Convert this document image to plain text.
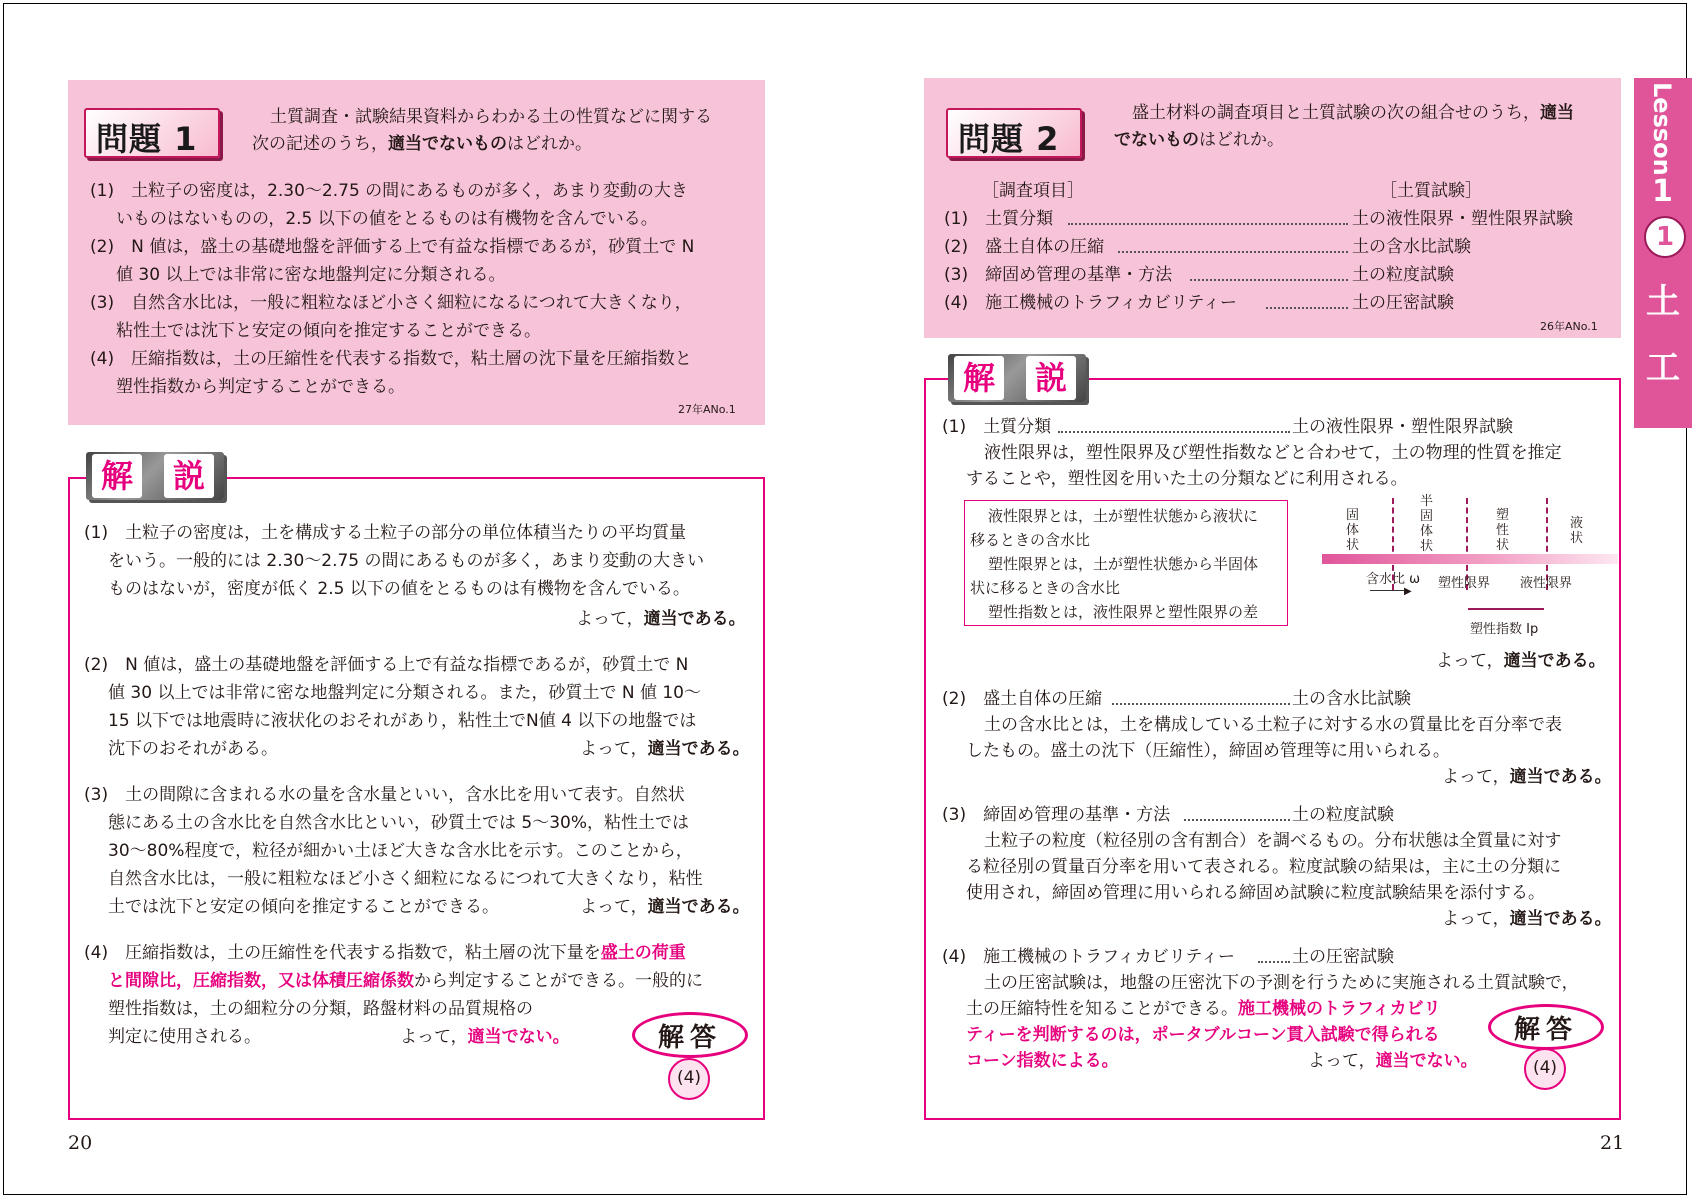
問題 1
土質調査・試験結果資料からわかる土の性質などに関する
次の記述のうち，適当でないものはどれか。
(1)　土粒子の密度は，2.30〜2.75 の間にあるものが多く，あまり変動の大き
いものはないものの，2.5 以下の値をとるものは有機物を含んでいる。
(2)　N 値は，盛土の基礎地盤を評価する上で有益な指標であるが，砂質土で N
値 30 以上では非常に密な地盤判定に分類される。
(3)　自然含水比は，一般に粗粒なほど小さく細粒になるにつれて大きくなり，
粘性土では沈下と安定の傾向を推定することができる。
(4)　圧縮指数は，土の圧縮性を代表する指数で，粘土層の沈下量を圧縮指数と
塑性指数から判定することができる。
27年ANo.1
解 説
(1)　土粒子の密度は，土を構成する土粒子の部分の単位体積当たりの平均質量
をいう。一般的には 2.30〜2.75 の間にあるものが多く，あまり変動の大きい
ものはないが，密度が低く 2.5 以下の値をとるものは有機物を含んでいる。
よって，適当である。
(2)　N 値は，盛土の基礎地盤を評価する上で有益な指標であるが，砂質土で N
値 30 以上では非常に密な地盤判定に分類される。また，砂質土で N 値 10〜
15 以下では地震時に液状化のおそれがあり，粘性土でN値 4 以下の地盤では
沈下のおそれがある。	よって，適当である。
(3)　土の間隙に含まれる水の量を含水量といい，含水比を用いて表す。自然状
態にある土の含水比を自然含水比といい，砂質土では 5〜30%，粘性土では
30〜80%程度で，粒径が細かい土ほど大きな含水比を示す。このことから，
自然含水比は，一般に粗粒なほど小さく細粒になるにつれて大きくなり，粘性
土では沈下と安定の傾向を推定することができる。	よって，適当である。
(4)　圧縮指数は，土の圧縮性を代表する指数で，粘土層の沈下量を盛土の荷重
と間隙比，圧縮指数，又は体積圧縮係数から判定することができる。一般的に
塑性指数は，土の細粒分の分類，路盤材料の品質規格の
判定に使用される。	よって，適当でない。	解答
(4)
20
問題 2
盛土材料の調査項目と土質試験の次の組合せのうち，適当
でないものはどれか。
［調査項目］	［土質試験］
(1)　土質分類	土の液性限界・塑性限界試験
(2)　盛土自体の圧縮	土の含水比試験
(3)　締固め管理の基準・方法	土の粒度試験
(4)　施工機械のトラフィカビリティー	土の圧密試験
26年ANo.1
解 説
(1)　土質分類	土の液性限界・塑性限界試験
液性限界は，塑性限界及び塑性指数などと合わせて，土の物理的性質を推定
することや，塑性図を用いた土の分類などに利用される。
液性限界とは，土が塑性状態から液状に
移るときの含水比
塑性限界とは，土が塑性状態から半固体
状に移るときの含水比
塑性指数とは，液性限界と塑性限界の差
固体状
半固体状
塑性状
液状
含水比 ω
▶
塑性限界 液性限界
塑性指数 Ip
よって，適当である。
(2)　盛土自体の圧縮	土の含水比試験
土の含水比とは，土を構成している土粒子に対する水の質量比を百分率で表
したもの。盛土の沈下（圧縮性），締固め管理等に用いられる。
よって，適当である。
(3)　締固め管理の基準・方法	土の粒度試験
土粒子の粒度（粒径別の含有割合）を調べるもの。分布状態は全質量に対す
る粒径別の質量百分率を用いて表される。粒度試験の結果は，主に土の分類に
使用され，締固め管理に用いられる締固め試験に粒度試験結果を添付する。
よって，適当である。
(4)　施工機械のトラフィカビリティー	土の圧密試験
土の圧密試験は，地盤の圧密沈下の予測を行うために実施される土質試験で，
土の圧縮特性を知ることができる。施工機械のトラフィカビリ
ティーを判断するのは，ポータブルコーン貫入試験で得られる
コーン指数による。	よって，適当でない。
解答
(4)
21
Lesson
1
1
土
工
